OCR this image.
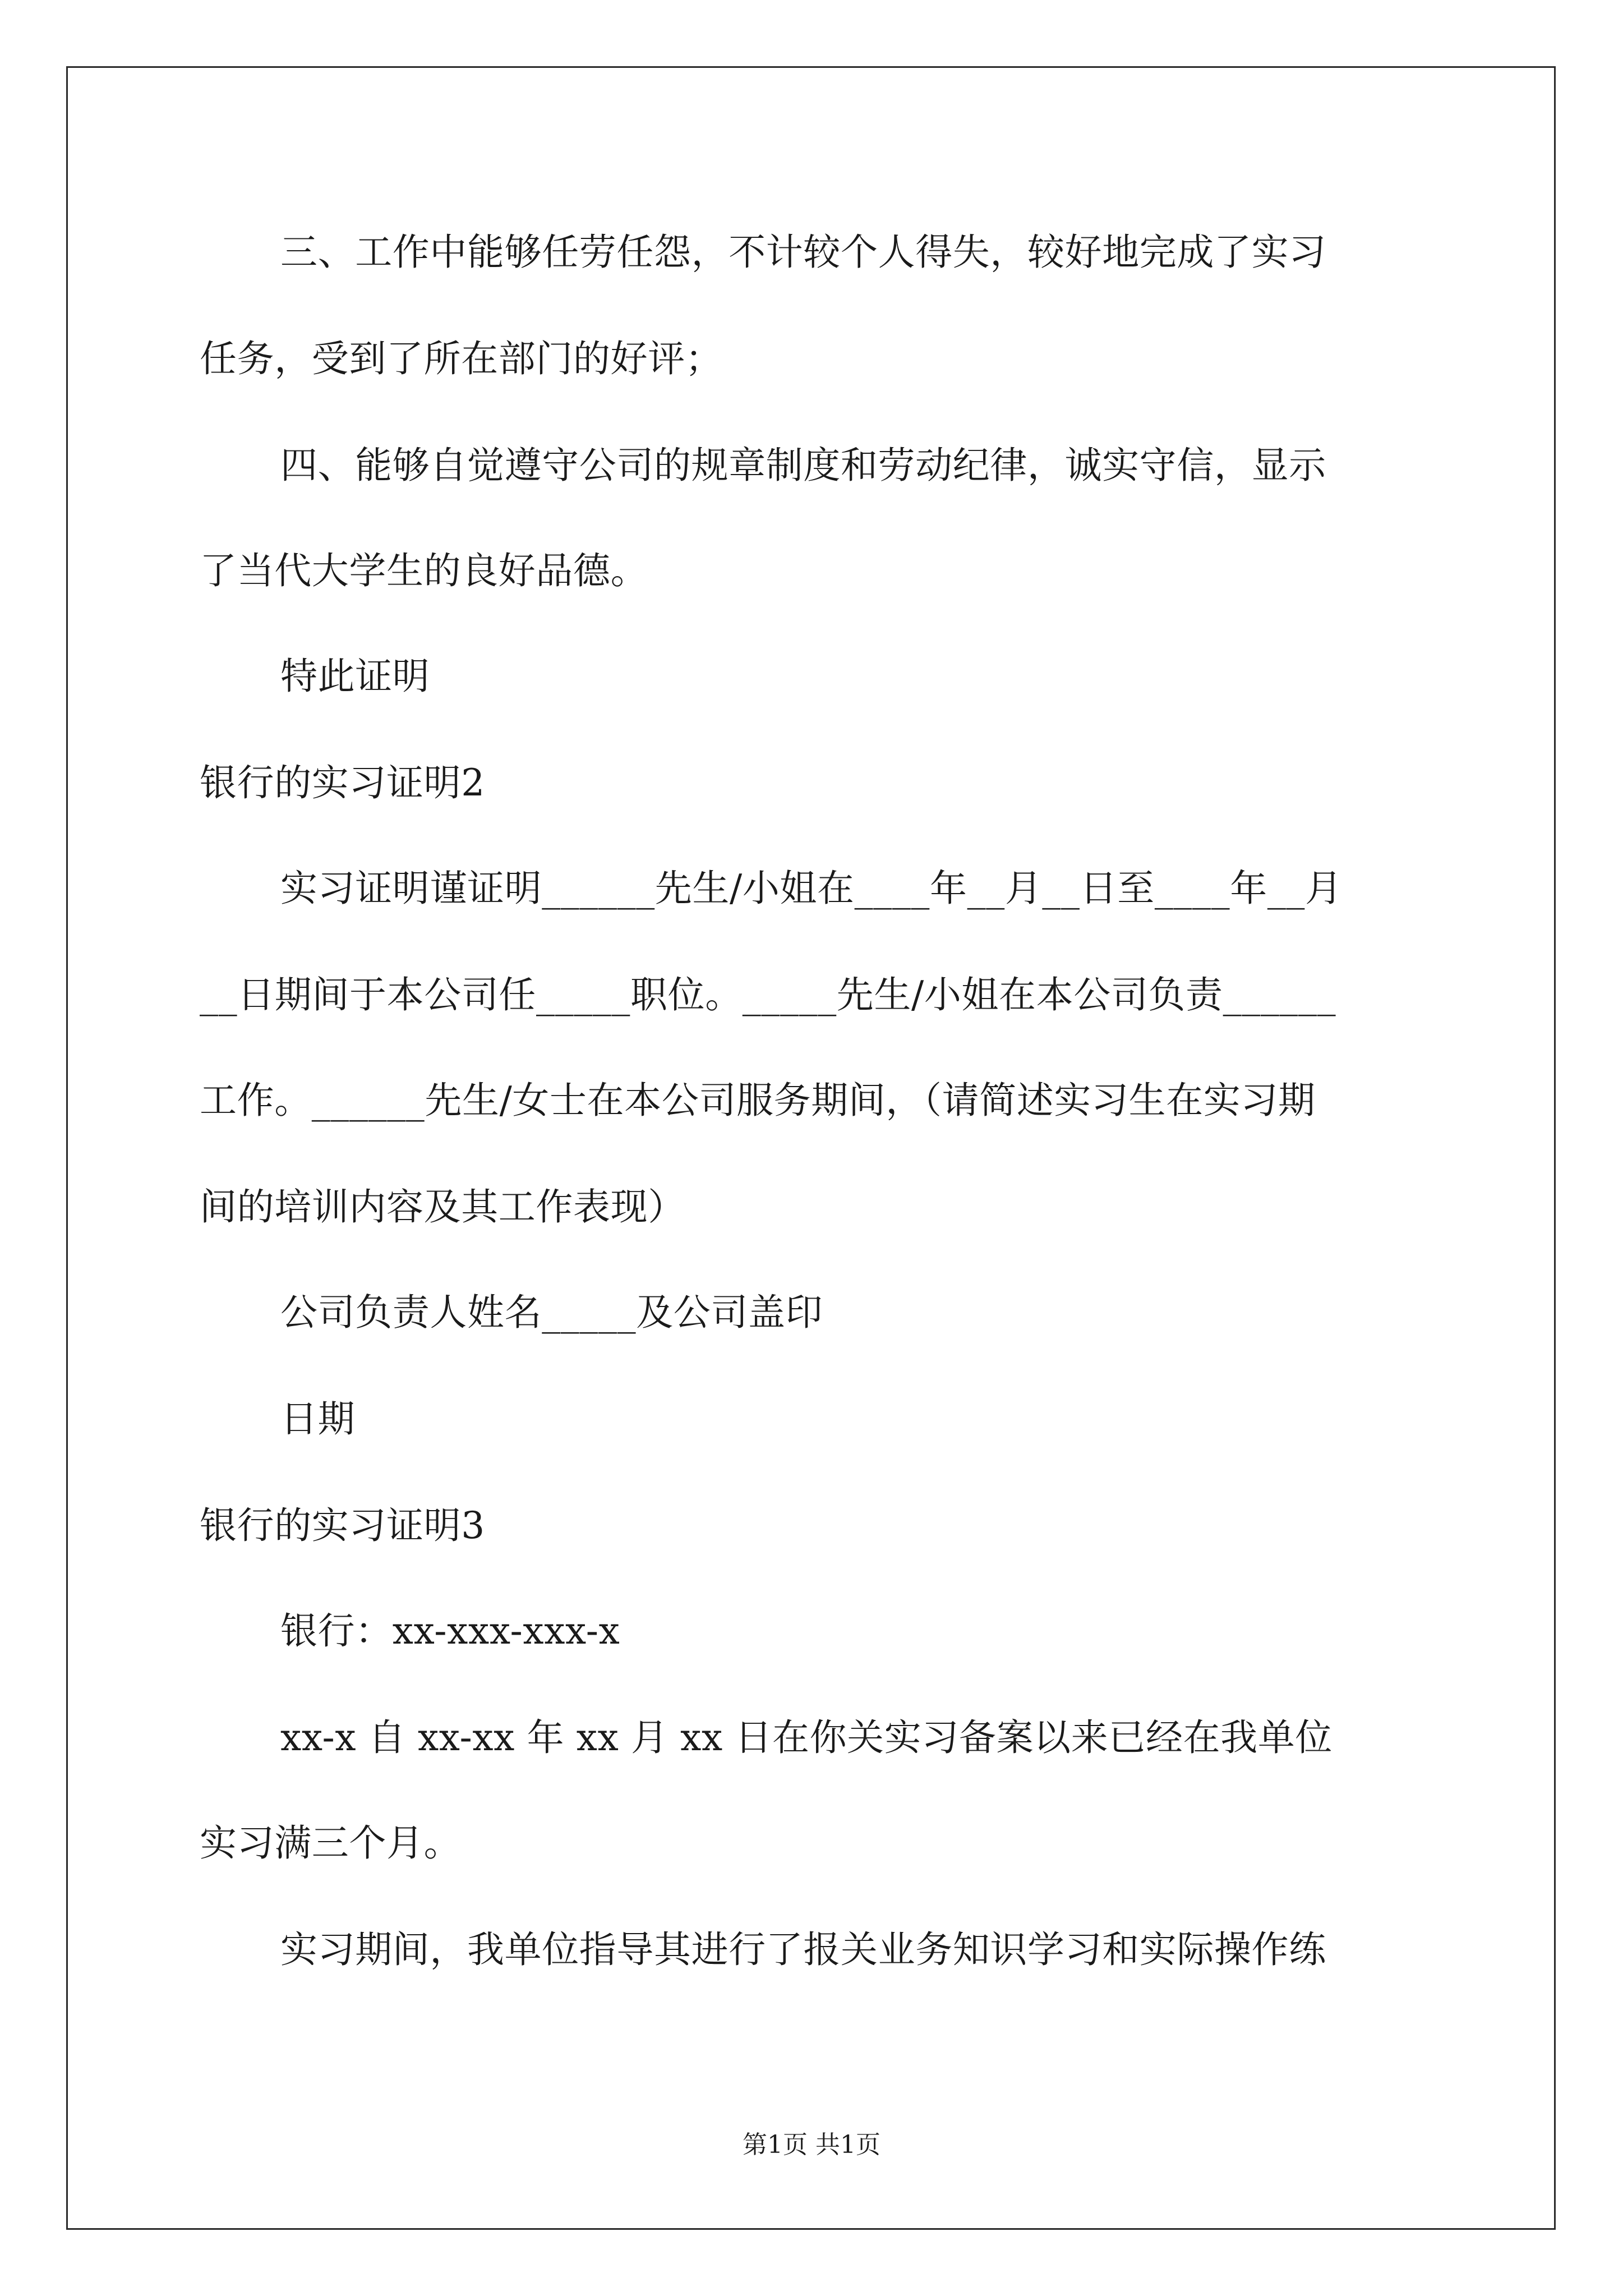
三、工作中能够任劳任怨，不计较个人得失，较好地完成了实习
任务，受到了所在部门的好评；
四、能够自觉遵守公司的规章制度和劳动纪律，诚实守信，显示
了当代大学生的良好品德。
特此证明
银行的实习证明2
实习证明谨证明______先生/小姐在____年__月__日至____年__月
__日期间于本公司任_____职位。_____先生/小姐在本公司负责______
工作。______先生/女士在本公司服务期间，（请简述实习生在实习期
间的培训内容及其工作表现）
公司负责人姓名_____及公司盖印
日期
银行的实习证明3
银行：xx-xxx-xxx-x
xx-x 自 xx-xx 年 xx 月 xx 日在你关实习备案以来已经在我单位
实习满三个月。
实习期间，我单位指导其进行了报关业务知识学习和实际操作练
第1页 共1页
